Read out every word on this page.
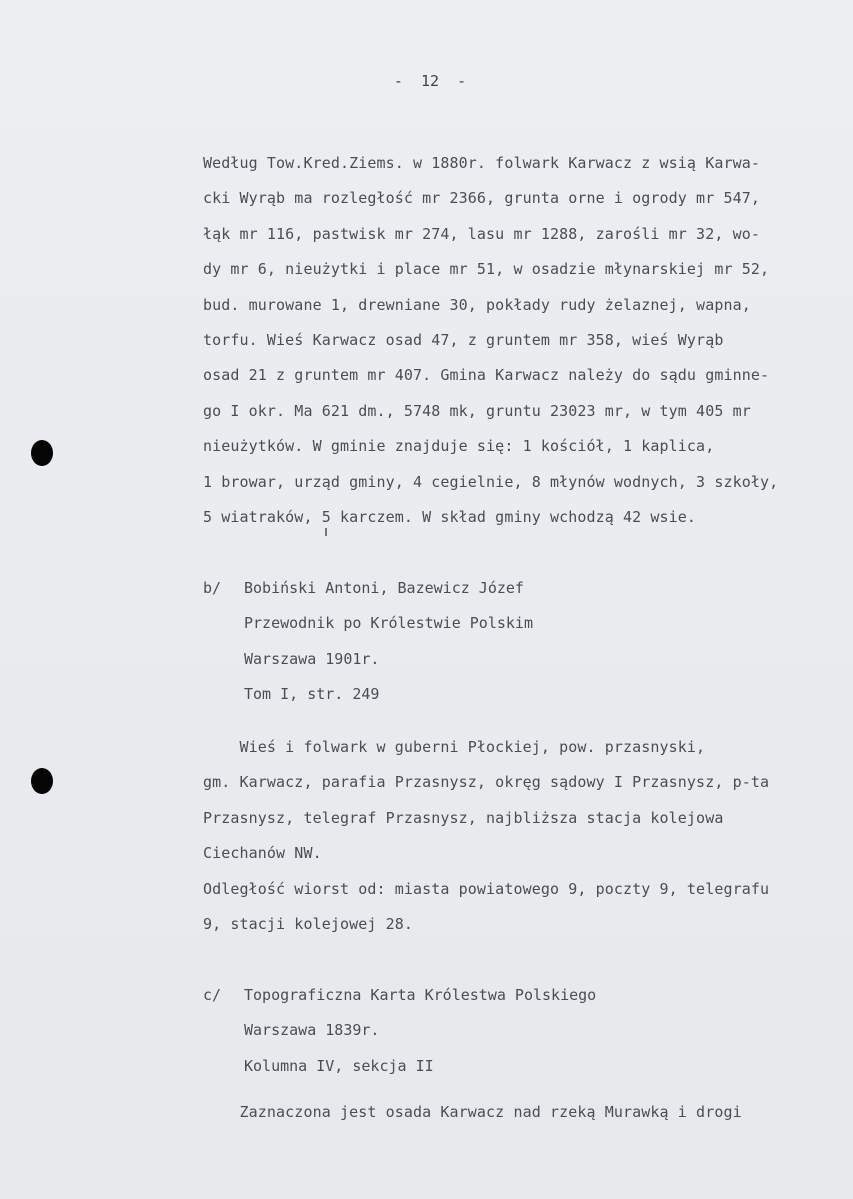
-  12  -
Według Tow.Kred.Ziems. w 1880r. folwark Karwacz z wsią Karwa-
cki Wyrąb ma rozległość mr 2366, grunta orne i ogrody mr 547,
łąk mr 116, pastwisk mr 274, lasu mr 1288, zarośli mr 32, wo-
dy mr 6, nieużytki i place mr 51, w osadzie młynarskiej mr 52,
bud. murowane 1, drewniane 30, pokłady rudy żelaznej, wapna,
torfu. Wieś Karwacz osad 47, z gruntem mr 358, wieś Wyrąb
osad 21 z gruntem mr 407. Gmina Karwacz należy do sądu gminne-
go I okr. Ma 621 dm., 5748 mk, gruntu 23023 mr, w tym 405 mr
nieużytków. W gminie znajduje się: 1 kościół, 1 kaplica,
1 browar, urząd gminy, 4 cegielnie, 8 młynów wodnych, 3 szkoły,
5 wiatraków, 5 karczem. W skład gminy wchodzą 42 wsie.
b/ Bobiński Antoni, Bazewicz Józef
Przewodnik po Królestwie Polskim
Warszawa 1901r.
Tom I, str. 249
Wieś i folwark w guberni Płockiej, pow. przasnyski,
gm. Karwacz, parafia Przasnysz, okręg sądowy I Przasnysz, p-ta
Przasnysz, telegraf Przasnysz, najbliższa stacja kolejowa
Ciechanów NW.
Odległość wiorst od: miasta powiatowego 9, poczty 9, telegrafu
9, stacji kolejowej 28.
c/ Topograficzna Karta Królestwa Polskiego
Warszawa 1839r.
Kolumna IV, sekcja II
Zaznaczona jest osada Karwacz nad rzeką Murawką i drogi
